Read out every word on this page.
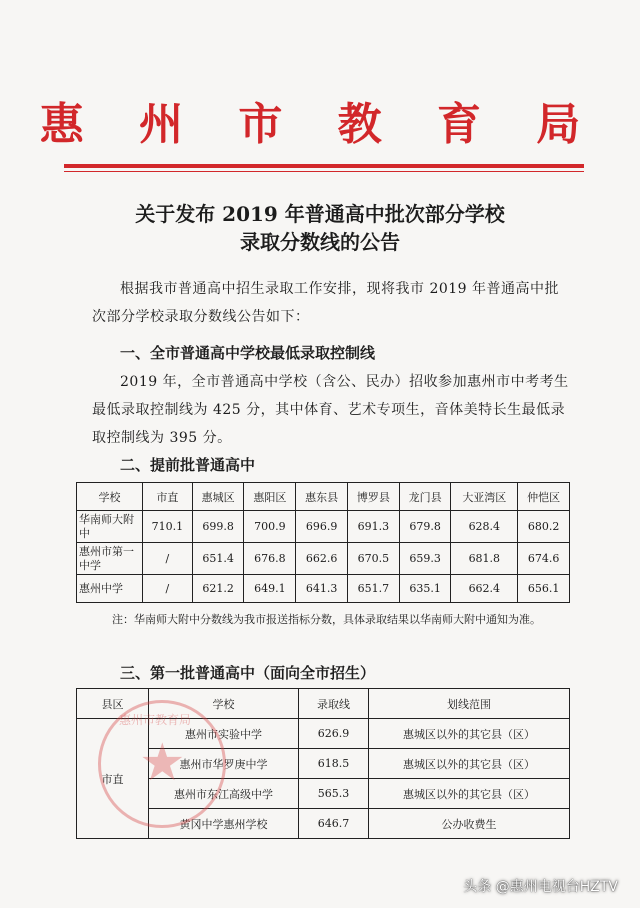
惠 州 市 教 育 局
关于发布 2019 年普通高中批次部分学校
录取分数线的公告
根据我市普通高中招生录取工作安排，现将我市 2019 年普通高中批次部分学校录取分数线公告如下：
一、全市普通高中学校最低录取控制线
2019 年，全市普通高中学校（含公、民办）招收参加惠州市中考考生最低录取控制线为 425 分，其中体育、艺术专项生，音体美特长生最低录取控制线为 395 分。
二、提前批普通高中
学校	市直	惠城区	惠阳区	惠东县	博罗县	龙门县	大亚湾区	仲恺区
华南师大附中	710.1	699.8	700.9	696.9	691.3	679.8	628.4	680.2
惠州市第一中学	/	651.4	676.8	662.6	670.5	659.3	681.8	674.6
惠州中学	/	621.2	649.1	641.3	651.7	635.1	662.4	656.1
注：华南师大附中分数线为我市报送指标分数，具体录取结果以华南师大附中通知为准。
三、第一批普通高中（面向全市招生）
县区	学校	录取线	划线范围
市直	惠州市实验中学	626.9	惠城区以外的其它县（区）
	惠州市华罗庚中学	618.5	惠城区以外的其它县（区）
	惠州市东江高级中学	565.3	惠城区以外的其它县（区）
	黄冈中学惠州学校	646.7	公办收费生
惠州市教育局
★
头条 @惠州电视台HZTV
